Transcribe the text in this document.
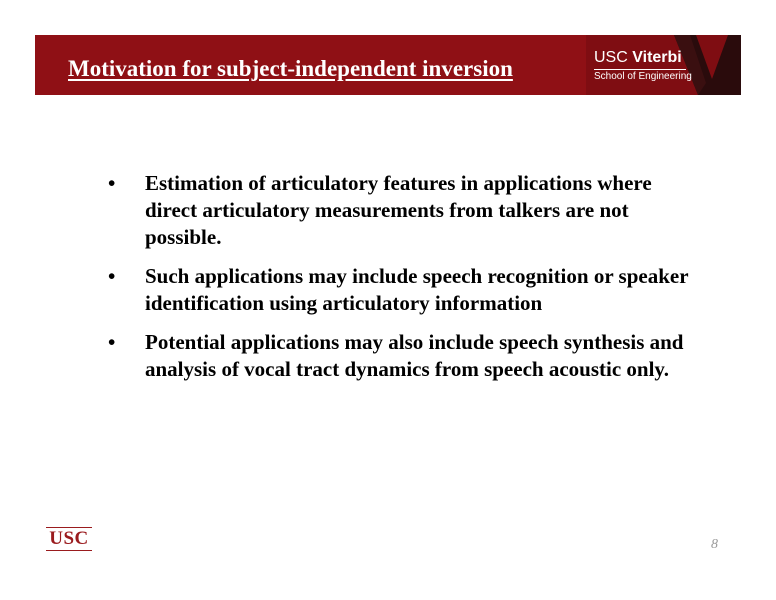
Motivation for subject-independent inversion	USC Viterbi
School of Engineering
• Estimation of articulatory features in applications where direct articulatory measurements from talkers are not possible.
• Such applications may include speech recognition or speaker identification using articulatory information
• Potential applications may also include speech synthesis and analysis of vocal tract dynamics from speech acoustic only.
USC	8
